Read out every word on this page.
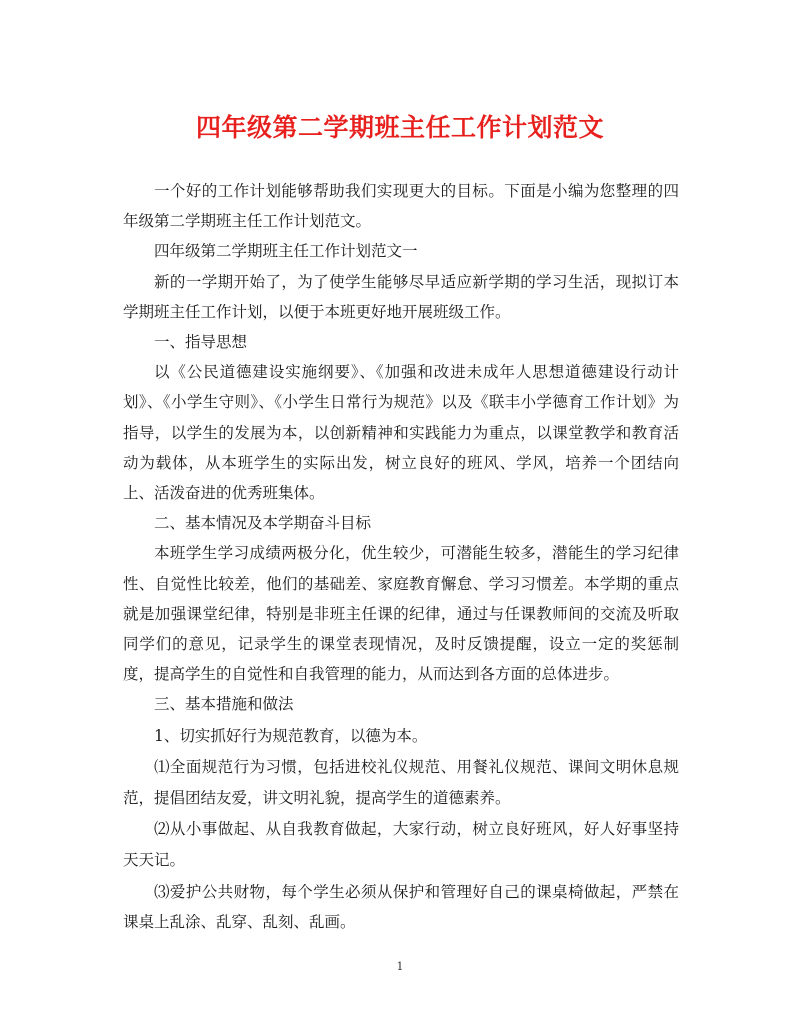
四年级第二学期班主任工作计划范文

一个好的工作计划能够帮助我们实现更大的目标。下面是小编为您整理的四年级第二学期班主任工作计划范文。

四年级第二学期班主任工作计划范文一

新的一学期开始了，为了使学生能够尽早适应新学期的学习生活，现拟订本学期班主任工作计划，以便于本班更好地开展班级工作。

一、指导思想

以《公民道德建设实施纲要》、《加强和改进未成年人思想道德建设行动计划》、《小学生守则》、《小学生日常行为规范》以及《联丰小学德育工作计划》为指导，以学生的发展为本，以创新精神和实践能力为重点，以课堂教学和教育活动为载体，从本班学生的实际出发，树立良好的班风、学风，培养一个团结向上、活泼奋进的优秀班集体。

二、基本情况及本学期奋斗目标

本班学生学习成绩两极分化，优生较少，可潜能生较多，潜能生的学习纪律性、自觉性比较差，他们的基础差、家庭教育懈怠、学习习惯差。本学期的重点就是加强课堂纪律，特别是非班主任课的纪律，通过与任课教师间的交流及听取同学们的意见，记录学生的课堂表现情况，及时反馈提醒，设立一定的奖惩制度，提高学生的自觉性和自我管理的能力，从而达到各方面的总体进步。

三、基本措施和做法

1、切实抓好行为规范教育，以德为本。

⑴全面规范行为习惯，包括进校礼仪规范、用餐礼仪规范、课间文明休息规范，提倡团结友爱，讲文明礼貌，提高学生的道德素养。

⑵从小事做起、从自我教育做起，大家行动，树立良好班风，好人好事坚持天天记。

⑶爱护公共财物，每个学生必须从保护和管理好自己的课桌椅做起，严禁在课桌上乱涂、乱穿、乱刻、乱画。

1
